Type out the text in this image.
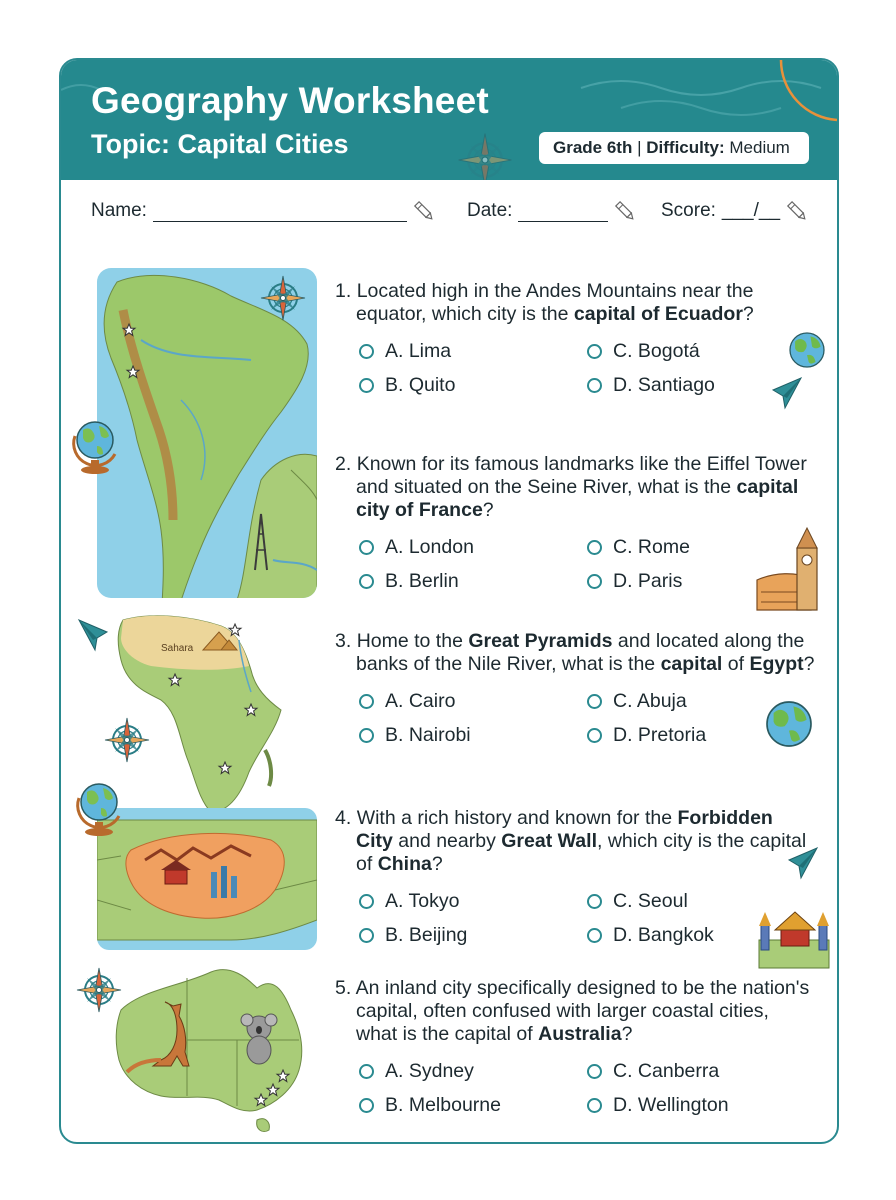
Geography Worksheet
Topic: Capital Cities	Grade 6th | Difficulty: Medium
Name:	Date:	Score: ___/__
Sahara

1. Located high in the Andes Mountains near the equator, which city is the capital of Ecuador?

A. Lima
B. Quito
C. Bogotá
D. Santiago

2. Known for its famous landmarks like the Eiffel Tower and situated on the Seine River, what is the capital city of France?

A. London
B. Berlin
C. Rome
D. Paris

3. Home to the Great Pyramids and located along the banks of the Nile River, what is the capital of Egypt?

A. Cairo
B. Nairobi
C. Abuja
D. Pretoria

4. With a rich history and known for the Forbidden City and nearby Great Wall, which city is the capital of China?

A. Tokyo
B. Beijing
C. Seoul
D. Bangkok

5. An inland city specifically designed to be the nation's capital, often confused with larger coastal cities, what is the capital of Australia?

A. Sydney
B. Melbourne
C. Canberra
D. Wellington
